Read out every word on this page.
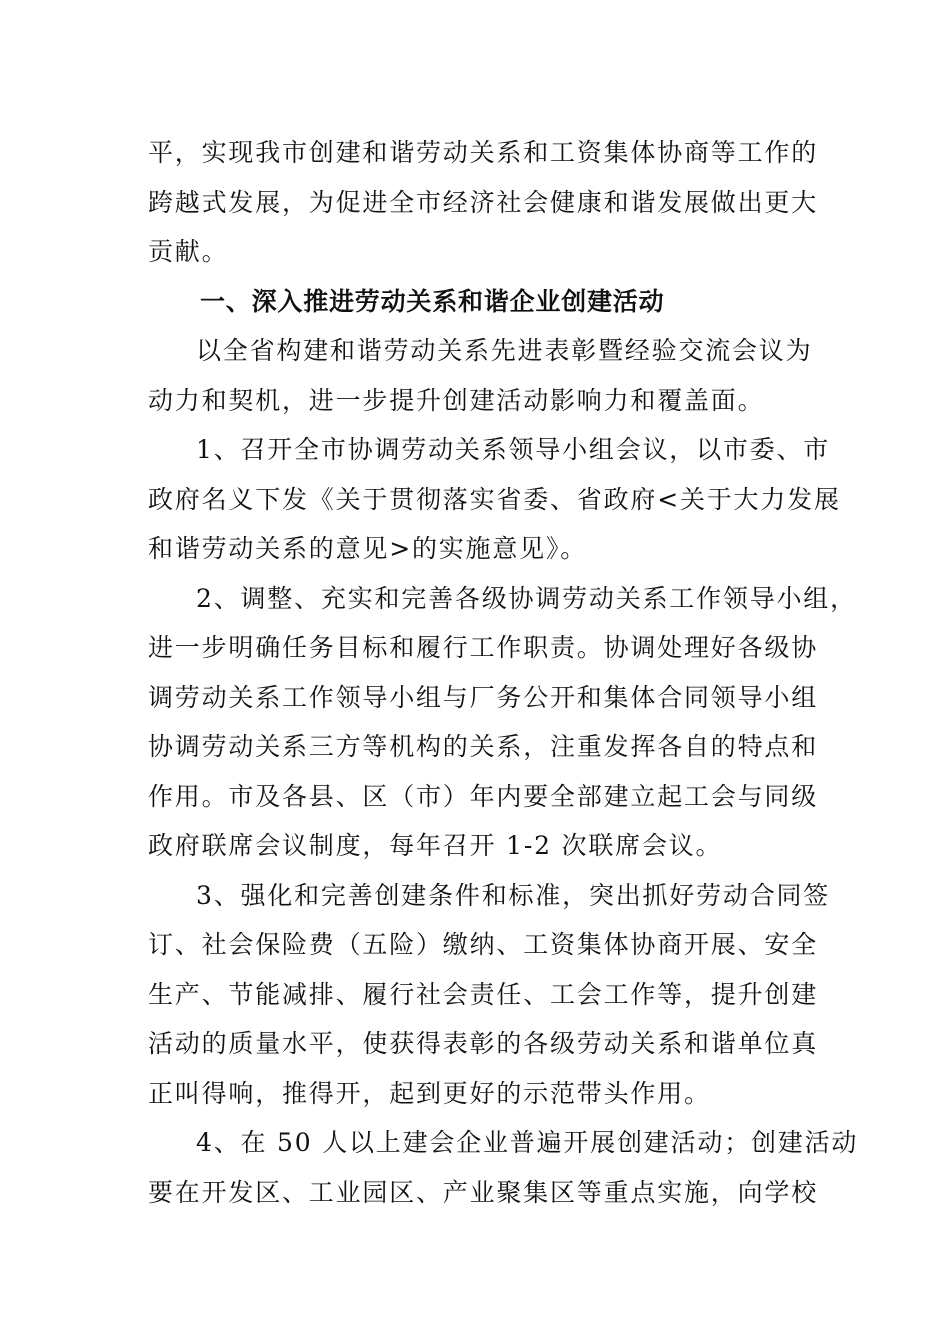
平，实现我市创建和谐劳动关系和工资集体协商等工作的
跨越式发展，为促进全市经济社会健康和谐发展做出更大
贡献。
一、深入推进劳动关系和谐企业创建活动
以全省构建和谐劳动关系先进表彰暨经验交流会议为
动力和契机，进一步提升创建活动影响力和覆盖面。
1、召开全市协调劳动关系领导小组会议，以市委、市
政府名义下发《关于贯彻落实省委、省政府<关于大力发展
和谐劳动关系的意见>的实施意见》。
2、调整、充实和完善各级协调劳动关系工作领导小组，
进一步明确任务目标和履行工作职责。协调处理好各级协
调劳动关系工作领导小组与厂务公开和集体合同领导小组
协调劳动关系三方等机构的关系，注重发挥各自的特点和
作用。市及各县、区（市）年内要全部建立起工会与同级
政府联席会议制度，每年召开 1-2 次联席会议。
3、强化和完善创建条件和标准，突出抓好劳动合同签
订、社会保险费（五险）缴纳、工资集体协商开展、安全
生产、节能减排、履行社会责任、工会工作等，提升创建
活动的质量水平，使获得表彰的各级劳动关系和谐单位真
正叫得响，推得开，起到更好的示范带头作用。
4、在 50 人以上建会企业普遍开展创建活动；创建活动
要在开发区、工业园区、产业聚集区等重点实施，向学校
